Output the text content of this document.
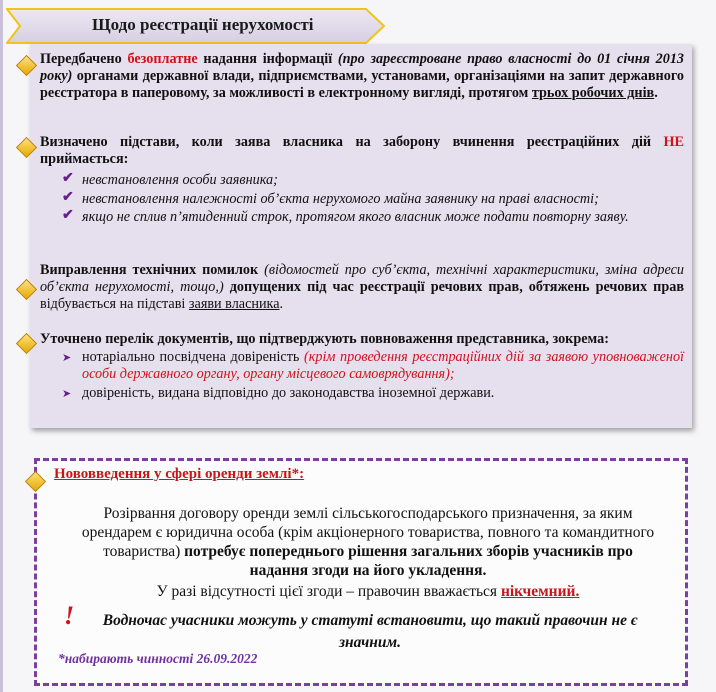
Щодо реєстрації нерухомості
Передбачено безоплатне надання інформації (про зареєстроване право власності до 01 січня 2013 року) органами державної влади, підприємствами, установами, організаціями на запит державного реєстратора в паперовому, за можливості в електронному вигляді, протягом трьох робочих днів.
Визначено підстави, коли заява власника на заборону вчинення реєстраційних дій НЕ приймається:
✔ невстановлення особи заявника;
✔ невстановлення належності об’єкта нерухомого майна заявнику на праві власності;
✔ якщо не сплив п’ятиденний строк, протягом якого власник може подати повторну заяву.
Виправлення технічних помилок (відомостей про суб’єкта, технічні характеристики, зміна адреси об’єкта нерухомості, тощо,) допущених під час реєстрації речових прав, обтяжень речових прав відбувається на підставі заяви власника.
Уточнено перелік документів, що підтверджують повноваження представника, зокрема:
➤ нотаріально посвідчена довіреність (крім проведення реєстраційних дій за заявою уповноваженої особи державного органу, органу місцевого самоврядування);
➤ довіреність, видана відповідно до законодавства іноземної держави.
Нововведення у сфері оренди землі*:
Розірвання договору оренди землі сільськогосподарського призначення, за яким орендарем є юридична особа (крім акціонерного товариства, повного та командитного товариства) потребує попереднього рішення загальних зборів учасників про надання згоди на його укладення.
У разі відсутності цієї згоди – правочин вважається нікчемний.
!	Водночас учасники можуть у статуті встановити, що такий правочин не є значним.
*набирають чинності 26.09.2022
